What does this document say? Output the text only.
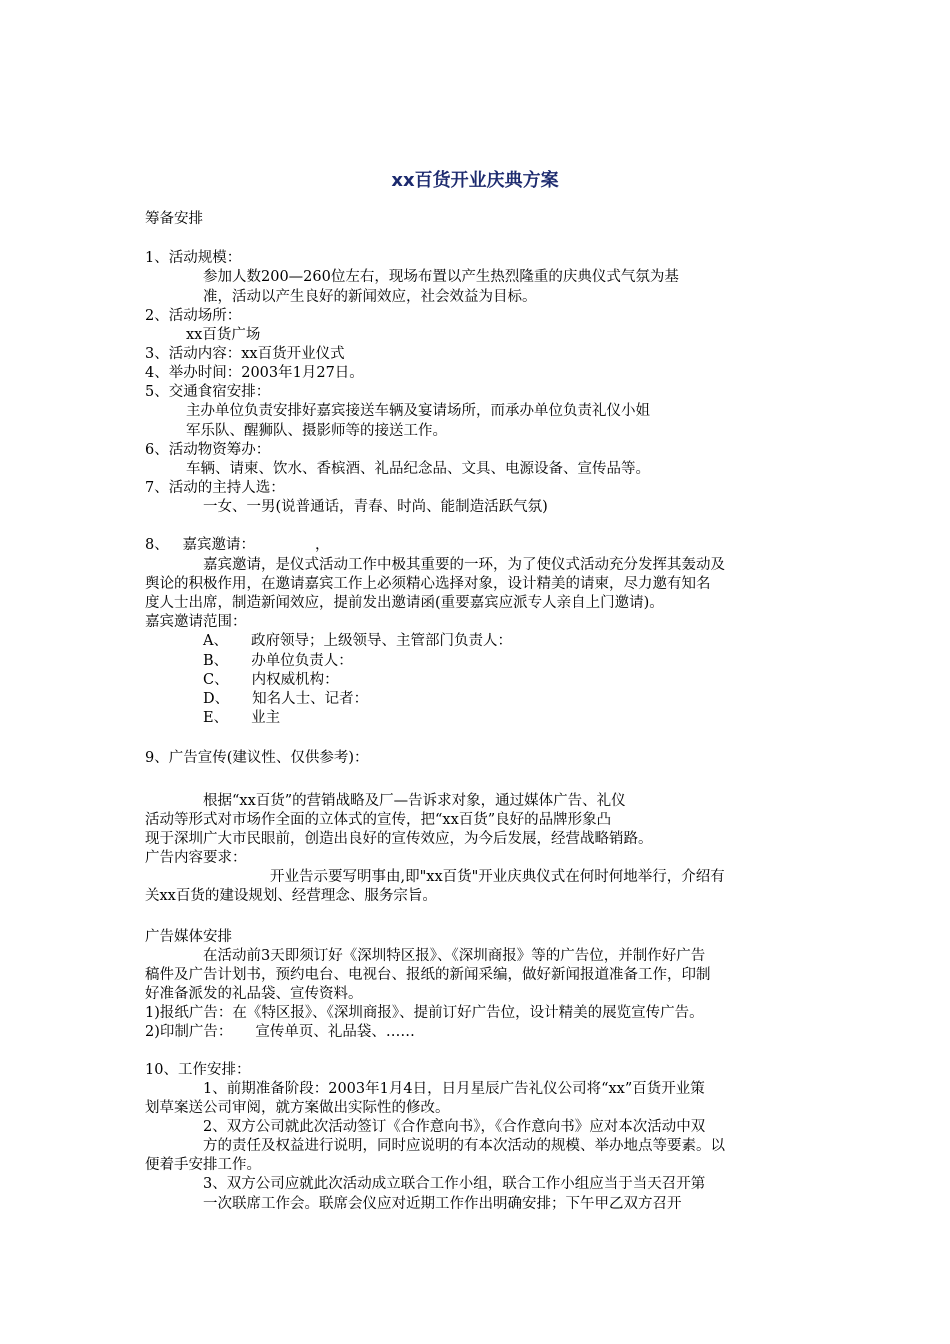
xx百货开业庆典方案
筹备安排
1、活动规模：
参加人数200—260位左右，现场布置以产生热烈隆重的庆典仪式气氛为基
准，活动以产生良好的新闻效应，社会效益为目标。
2、活动场所：
xx百货广场
3、活动内容：xx百货开业仪式
4、举办时间：2003年1月27日。
5、交通食宿安排：
主办单位负责安排好嘉宾接送车辆及宴请场所，而承办单位负责礼仪小姐
军乐队、醒狮队、摄影师等的接送工作。
6、活动物资筹办：
车辆、请柬、饮水、香槟酒、礼品纪念品、文具、电源设备、宣传品等。
7、活动的主持人选：
一女、一男(说普通话，青春、时尚、能制造活跃气氛)
8、   嘉宾邀请：             ，
嘉宾邀请，是仪式活动工作中极其重要的一环，为了使仪式活动充分发挥其轰动及
舆论的积极作用，在邀请嘉宾工作上必须精心选择对象，设计精美的请柬，尽力邀有知名
度人士出席，制造新闻效应，提前发出邀请函(重要嘉宾应派专人亲自上门邀请)。
嘉宾邀请范围：
A、     政府领导；上级领导、主管部门负责人：
B、     办单位负责人：
C、     内权威机构：
D、     知名人士、记者：
E、     业主
9、广告宣传(建议性、仅供参考)：
根据“xx百货”的营销战略及厂—告诉求对象，通过媒体广告、礼仪
活动等形式对市场作全面的立体式的宣传，把“xx百货”良好的品牌形象凸
现于深圳广大市民眼前，创造出良好的宣传效应，为今后发展，经营战略销路。
广告内容要求：
开业告示要写明事由,即"xx百货"开业庆典仪式在何时何地举行，介绍有
关xx百货的建设规划、经营理念、服务宗旨。
广告媒体安排
在活动前3天即须订好《深圳特区报》、《深圳商报》等的广告位，并制作好广告
稿件及广告计划书，预约电台、电视台、报纸的新闻采编，做好新闻报道准备工作，印制
好准备派发的礼品袋、宣传资料。
1)报纸广告：在《特区报》、《深圳商报》、提前订好广告位，设计精美的展览宣传广告。
2)印制广告：     宣传单页、礼品袋、……
10、工作安排：
1、前期准备阶段：2003年1月4日，日月星辰广告礼仪公司将“xx”百货开业策
划草案送公司审阅，就方案做出实际性的修改。
2、双方公司就此次活动签订《合作意向书》，《合作意向书》应对本次活动中双
方的责任及权益进行说明，同时应说明的有本次活动的规模、举办地点等要素。以
便着手安排工作。
3、双方公司应就此次活动成立联合工作小组，联合工作小组应当于当天召开第
一次联席工作会。联席会仪应对近期工作作出明确安排；下午甲乙双方召开
